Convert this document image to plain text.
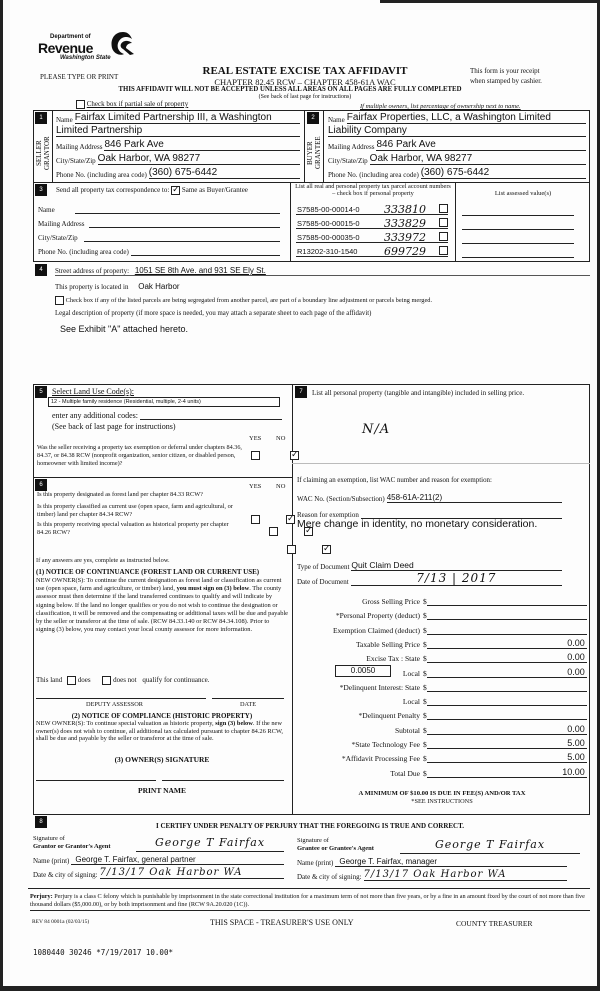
Department of
Revenue
Washington State
PLEASE TYPE OR PRINT	REAL ESTATE EXCISE TAX AFFIDAVIT
CHAPTER 82.45 RCW – CHAPTER 458-61A WAC
THIS AFFIDAVIT WILL NOT BE ACCEPTED UNLESS ALL AREAS ON ALL PAGES ARE FULLY COMPLETED
(See back of last page for instructions)
This form is your receipt
when stamped by cashier.
Check box if partial sale of property	If multiple owners, list percentage of ownership next to name.
1
SELLER GRANTOR
Name Fairfax Limited Partnership III, a Washington
Limited Partnership
Mailing Address 846 Park Ave
City/State/Zip Oak Harbor, WA 98277
Phone No. (including area code) (360) 675-6442
2
BUYER GRANTEE
Name Fairfax Properties, LLC, a Washington Limited
Liability Company
Mailing Address 846 Park Ave
City/State/Zip Oak Harbor, WA 98277
Phone No. (including area code) (360) 675-6442
3	Send all property tax correspondence to: ✓ Same as Buyer/Grantee
Name
Mailing Address
City/State/Zip
Phone No. (including area code)
List all real and personal property tax parcel account numbers – check box if personal property	List assessed value(s)
S7585-00-00014-0 333810
S7585-00-00015-0 333829
S7585-00-00035-0 333972
R13202-310-1540 699729
4	Street address of property: 1051 SE 8th Ave. and 931 SE Ely St.
This property is located in Oak Harbor
Check box if any of the listed parcels are being segregated from another parcel, are part of a boundary line adjustment or parcels being merged.
Legal description of property (if more space is needed, you may attach a separate sheet to each page of the affidavit)
See Exhibit "A" attached hereto.
5	Select Land Use Code(s):
12 - Multiple family residence (Residential, multiple, 2-4 units)
enter any additional codes:
(See back of last page for instructions)
YES NO
Was the seller receiving a property tax exemption or deferral under chapters 84.36, 84.37, or 84.38 RCW (nonprofit organization, senior citizen, or disabled person, homeowner with limited income)?
✓
6	YES NO
Is this property designated as forest land per chapter 84.33 RCW?
✓
Is this property classified as current use (open space, farm and agricultural, or timber) land per chapter 84.34 RCW?
✓
Is this property receiving special valuation as historical property per chapter 84.26 RCW?
✓
If any answers are yes, complete as instructed below.
(1) NOTICE OF CONTINUANCE (FOREST LAND OR CURRENT USE)
NEW OWNER(S): To continue the current designation as forest land or classification as current use (open space, farm and agriculture, or timber) land, you must sign on (3) below. The county assessor must then determine if the land transferred continues to qualify and will indicate by signing below. If the land no longer qualifies or you do not wish to continue the designation or classification, it will be removed and the compensating or additional taxes will be due and payable by the seller or transferor at the time of sale. (RCW 84.33.140 or RCW 84.34.108). Prior to signing (3) below, you may contact your local county assessor for more information.
This land does	does not qualify for continuance.
DEPUTY ASSESSOR	DATE
(2) NOTICE OF COMPLIANCE (HISTORIC PROPERTY)
NEW OWNER(S): To continue special valuation as historic property, sign (3) below. If the new owner(s) does not wish to continue, all additional tax calculated pursuant to chapter 84.26 RCW, shall be due and payable by the seller or transferor at the time of sale.
(3) OWNER(S) SIGNATURE
PRINT NAME
7	List all personal property (tangible and intangible) included in selling price.
N/A
If claiming an exemption, list WAC number and reason for exemption:
WAC No. (Section/Subsection) 458-61A-211(2)
Reason for exemption
Mere change in identity, no monetary consideration.
Type of Document Quit Claim Deed
Date of Document	7/13 | 2017
0.0050
Gross Selling Price $
*Personal Property (deduct) $
Exemption Claimed (deduct) $
Taxable Selling Price $	0.00
Excise Tax : State $	0.00
Local $	0.00
*Delinquent Interest: State $
Local $
*Delinquent Penalty $
Subtotal $	0.00
*State Technology Fee $	5.00
*Affidavit Processing Fee $	5.00
Total Due $	10.00
A MINIMUM OF $10.00 IS DUE IN FEE(S) AND/OR TAX
*SEE INSTRUCTIONS
8	I CERTIFY UNDER PENALTY OF PERJURY THAT THE FOREGOING IS TRUE AND CORRECT.
Signature of
Grantor or Grantor's Agent	George T Fairfax
Name (print) George T. Fairfax, general partner
Date & city of signing: 7/13/17 Oak Harbor WA
Signature of
Grantee or Grantee's Agent	George T Fairfax
Name (print) George T. Fairfax, manager
Date & city of signing: 7/13/17 Oak Harbor WA
Perjury: Perjury is a class C felony which is punishable by imprisonment in the state correctional institution for a maximum term of not more than five years, or by a fine in an amount fixed by the court of not more than five thousand dollars ($5,000.00), or by both imprisonment and fine (RCW 9A.20.020 (1C)).
REV 84 0001a (02/03/15)	THIS SPACE - TREASURER'S USE ONLY	COUNTY TREASURER
1080440 30246 *7/19/2017 10.00*
